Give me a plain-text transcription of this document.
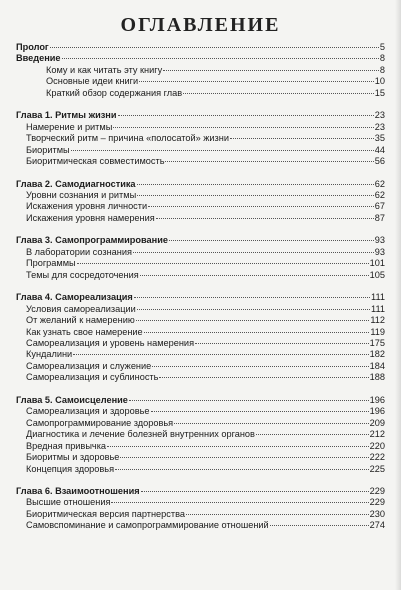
ОГЛАВЛЕНИЕ
Пролог	5
Введение	8
Кому и как читать эту книгу	8
Основные идеи книги	10
Краткий обзор содержания глав	15
Глава 1. Ритмы жизни	23
Намерение и ритмы	23
Творческий ритм – причина «полосатой» жизни	35
Биоритмы	44
Биоритмическая совместимость	56
Глава 2. Самодиагностика	62
Уровни сознания и ритмы	62
Искажения уровня личности	67
Искажения уровня намерения	87
Глава 3. Самопрограммирование	93
В лаборатории сознания	93
Программы	101
Темы для сосредоточения	105
Глава 4. Самореализация	111
Условия самореализации	111
От желаний к намерению	112
Как узнать свое намерение	119
Самореализация и уровень намерения	175
Кундалини	182
Самореализация и служение	184
Самореализация и сублиность	188
Глава 5. Самоисцеление	196
Самореализация и здоровье	196
Самопрограммирование здоровья	209
Диагностика и лечение болезней внутренних органов	212
Вредная привычка	220
Биоритмы и здоровье	222
Концепция здоровья	225
Глава 6. Взаимоотношения	229
Высшие отношения	229
Биоритмическая версия партнерства	230
Самовспоминание и самопрограммирование отношений	274
